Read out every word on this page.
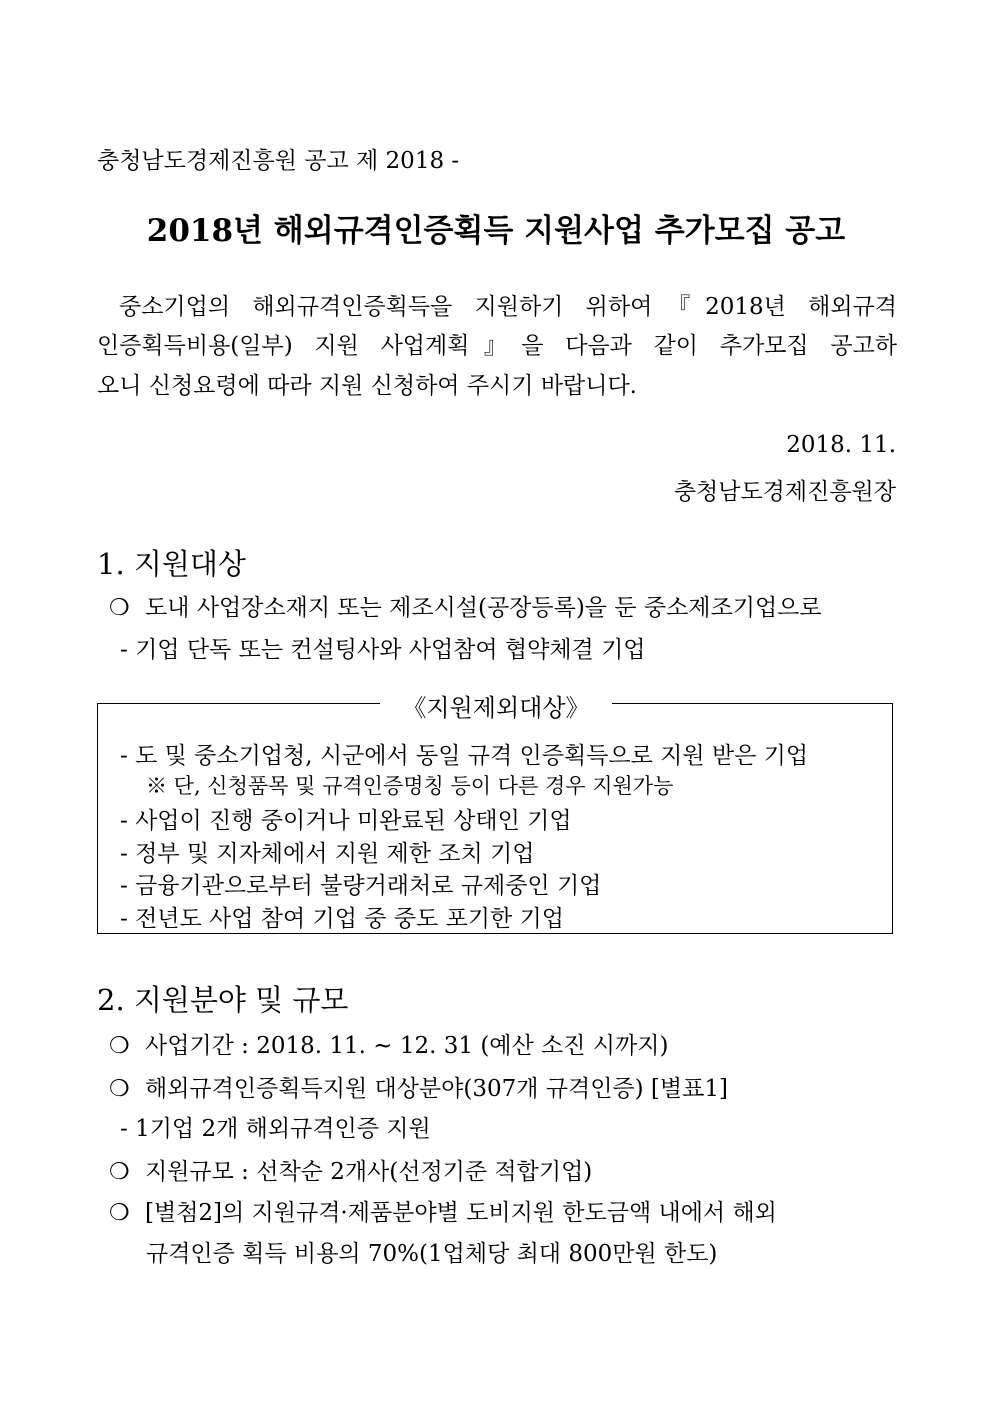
충청남도경제진흥원 공고 제 2018 -
2018년 해외규격인증획득 지원사업 추가모집 공고
중소기업의 해외규격인증획득을 지원하기 위하여『2018년 해외규격
인증획득비용(일부) 지원 사업계획』을 다음과 같이 추가모집 공고하
오니 신청요령에 따라 지원 신청하여 주시기 바랍니다.
2018. 11.
충청남도경제진흥원장
1. 지원대상
❍ 도내 사업장소재지 또는 제조시설(공장등록)을 둔 중소제조기업으로
- 기업 단독 또는 컨설팅사와 사업참여 협약체결 기업
《지원제외대상》
- 도 및 중소기업청, 시군에서 동일 규격 인증획득으로 지원 받은 기업
※ 단, 신청품목 및 규격인증명칭 등이 다른 경우 지원가능
- 사업이 진행 중이거나 미완료된 상태인 기업
- 정부 및 지자체에서 지원 제한 조치 기업
- 금융기관으로부터 불량거래처로 규제중인 기업
- 전년도 사업 참여 기업 중 중도 포기한 기업
2. 지원분야 및 규모
❍ 사업기간 : 2018. 11. ~ 12. 31 (예산 소진 시까지)
❍ 해외규격인증획득지원 대상분야(307개 규격인증) [별표1]
- 1기업 2개 해외규격인증 지원
❍ 지원규모 : 선착순 2개사(선정기준 적합기업)
❍ [별첨2]의 지원규격·제품분야별 도비지원 한도금액 내에서 해외
규격인증 획득 비용의 70%(1업체당 최대 800만원 한도)
